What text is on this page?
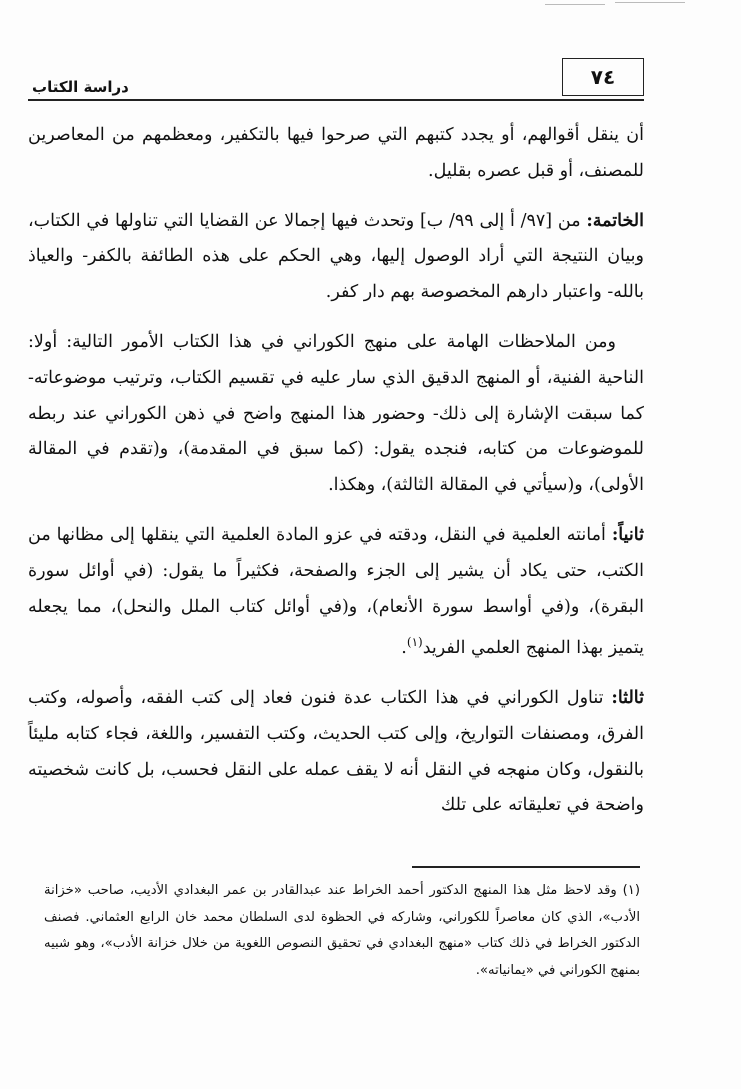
٧٤
دراسة الكتاب

أن ينقل أقوالهم، أو يجدد كتبهم التي صرحوا فيها بالتكفير، ومعظمهم من المعاصرين للمصنف، أو قبل عصره بقليل.

الخاتمة: من [٩٧/ أ إلى ٩٩/ ب] وتحدث فيها إجمالا عن القضايا التي تناولها في الكتاب، وبيان النتيجة التي أراد الوصول إليها، وهي الحكم على هذه الطائفة بالكفر- والعياذ بالله- واعتبار دارهم المخصوصة بهم دار كفر.

ومن الملاحظات الهامة على منهج الكوراني في هذا الكتاب الأمور التالية: أولا: الناحية الفنية، أو المنهج الدقيق الذي سار عليه في تقسيم الكتاب، وترتيب موضوعاته- كما سبقت الإشارة إلى ذلك- وحضور هذا المنهج واضح في ذهن الكوراني عند ربطه للموضوعات من كتابه، فنجده يقول: (كما سبق في المقدمة)، و(تقدم في المقالة الأولى)، و(سيأتي في المقالة الثالثة)، وهكذا.

ثانياً: أمانته العلمية في النقل، ودقته في عزو المادة العلمية التي ينقلها إلى مظانها من الكتب، حتى يكاد أن يشير إلى الجزء والصفحة، فكثيراً ما يقول: (في أوائل سورة البقرة)، و(في أواسط سورة الأنعام)، و(في أوائل كتاب الملل والنحل)، مما يجعله يتميز بهذا المنهج العلمي الفريد$^{(١)}$.

ثالثا: تناول الكوراني في هذا الكتاب عدة فنون فعاد إلى كتب الفقه، وأصوله، وكتب الفرق، ومصنفات التواريخ، وإلى كتب الحديث، وكتب التفسير، واللغة، فجاء كتابه مليئاً بالنقول، وكان منهجه في النقل أنه لا يقف عمله على النقل فحسب، بل كانت شخصيته واضحة في تعليقاته على تلك

(١) وقد لاحظ مثل هذا المنهج الدكتور أحمد الخراط عند عبدالقادر بن عمر البغدادي الأديب، صاحب «خزانة الأدب»، الذي كان معاصراً للكوراني، وشاركه في الحظوة لدى السلطان محمد خان الرابع العثماني. فصنف الدكتور الخراط في ذلك كتاب «منهج البغدادي في تحقيق النصوص اللغوية من خلال خزانة الأدب»، وهو شبيه بمنهج الكوراني في «يمانياته».
